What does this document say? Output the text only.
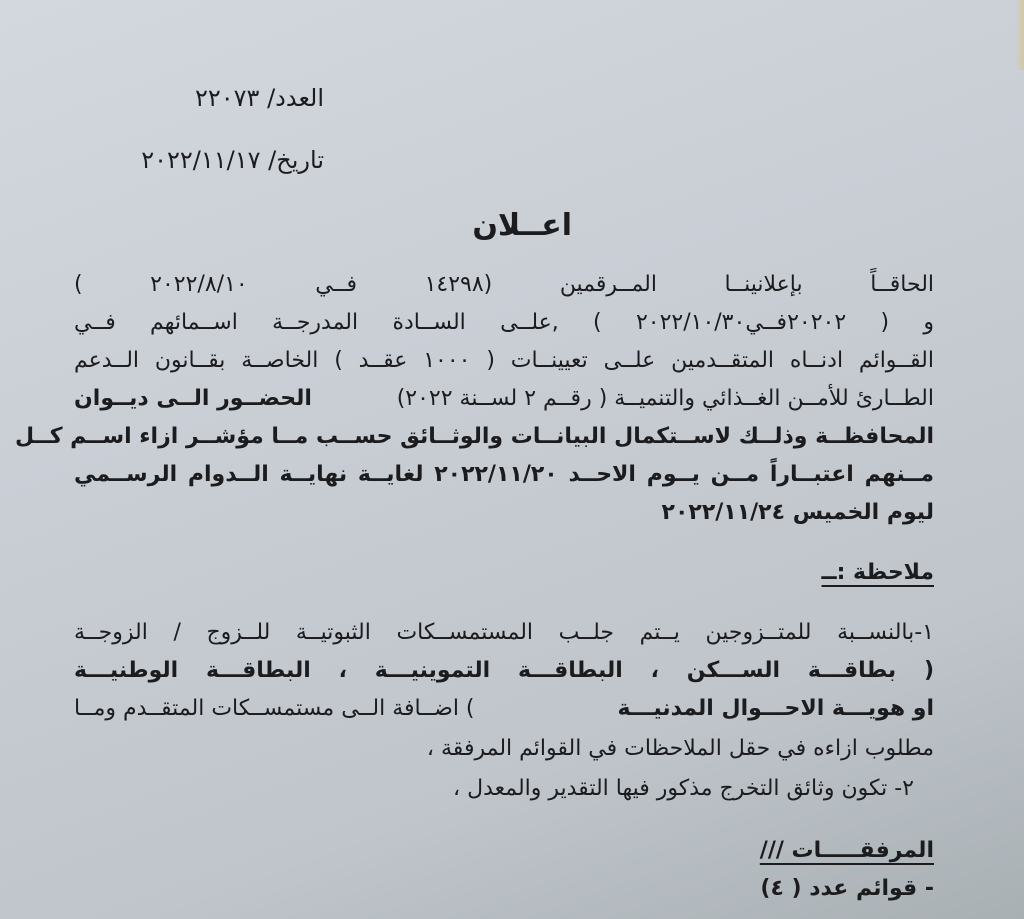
العدد/ ٢٢٠٧٣
تاريخ/ ٢٠٢٢/١١/١٧
اعــلان
الحاقــاً بإعلانينــا المــرقمين (١٤٢٩٨ فــي ٢٠٢٢/٨/١٠ )
و ( ٢٠٢٠٢فــي٢٠٢٢/١٠/٣٠ ) ,علــى الســادة المدرجــة اســمائهم فــي
القــوائم ادنــاه المتقــدمين علــى تعيينــات ( ١٠٠٠ عقــد ) الخاصــة بقــانون الــدعم
الطــارئ للأمــن الغــذائي والتنميــة ( رقــم ٢ لســنة ٢٠٢٢)
الحضــور الــى ديــوان
المحافظــة وذلــك لاســتكمال البيانــات والوثــائق حســب مــا مؤشــر ازاء اســم كــل
مــنهم اعتبــاراً مــن يــوم الاحــد ٢٠٢٢/١١/٢٠ لغايــة نهايــة الــدوام الرســمي
ليوم الخميس ٢٠٢٢/١١/٢٤
ملاحظة :ــ
١-بالنســبة للمتــزوجين يــتم جلــب المستمســكات الثبوتيــة للــزوج / الزوجــة
( بطاقـــة الســـكن ، البطاقـــة التموينيـــة ، البطاقـــة الوطنيـــة
او هويـــة الاحـــوال المدنيـــة
) اضــافة الــى مستمســكات المتقــدم ومــا
مطلوب ازاءه في حقل الملاحظات في القوائم المرفقة ،
٢- تكون وثائق التخرج مذكور فيها التقدير والمعدل ،
المرفقـــــات ///
- قوائم عدد ( ٤)
